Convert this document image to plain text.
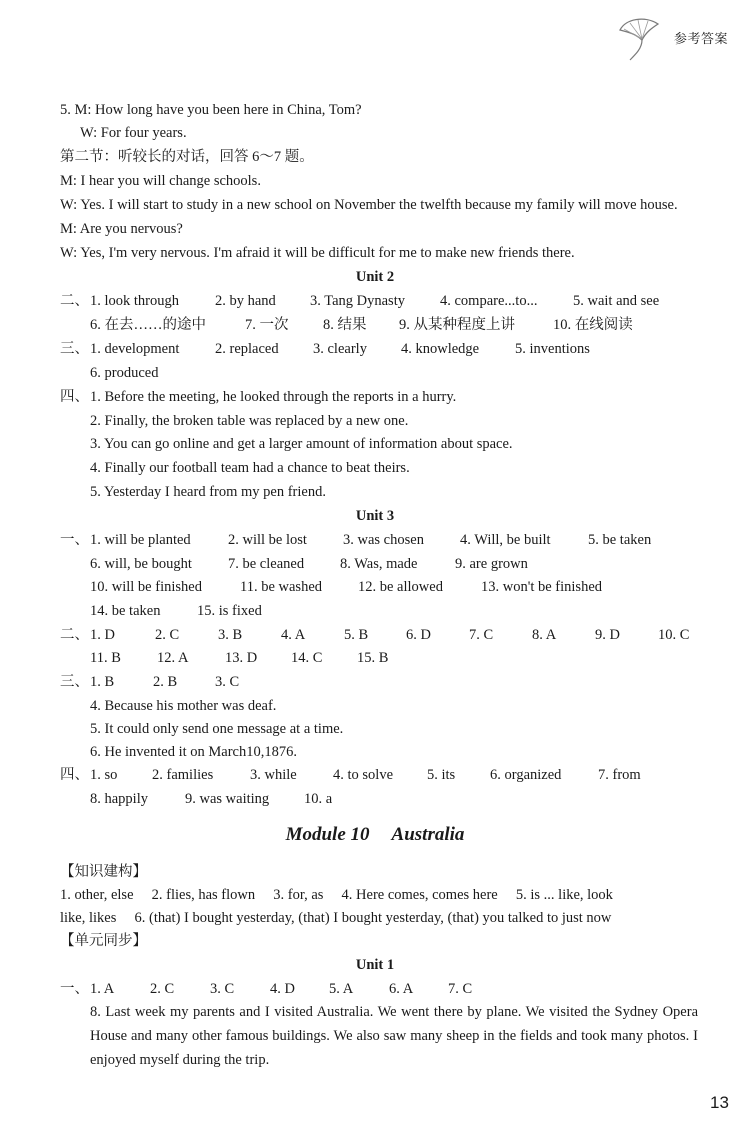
参考答案
5. M: How long have you been here in China, Tom?
W: For four years.
第二节：听较长的对话，回答 6～7 题。
M: I hear you will change schools.
W: Yes. I will start to study in a new school on November the twelfth because my family will move house.
M: Are you nervous?
W: Yes, I'm very nervous. I'm afraid it will be difficult for me to make new friends there.
Unit 2
二、 1. look through 2. by hand 3. Tang Dynasty 4. compare...to... 5. wait and see
6. 在去……的途中	7. 一次 8. 结果 9. 从某种程度上讲	10. 在线阅读
三、 1. development 2. replaced 3. clearly 4. knowledge 5. inventions
6. produced
四、 1. Before the meeting, he looked through the reports in a hurry.
2. Finally, the broken table was replaced by a new one.
3. You can go online and get a larger amount of information about space.
4. Finally our football team had a chance to beat theirs.
5. Yesterday I heard from my pen friend.
Unit 3
一、 1. will be planted	2. will be lost 3. was chosen 4. Will, be built	5. be taken
6. will, be bought 7. be cleaned 8. Was, made	9. are grown
10. will be finished	11. be washed 12. be allowed	13. won't be finished
14. be taken	15. is fixed
二、 1. D	2. C	3. B	4. A	5. B	6. D	7. C	8. A	9. D	10. C
11. B 12. A	13. D 14. C 15. B
三、 1. B	2. B	3. C
4. Because his mother was deaf.
5. It could only send one message at a time.
6. He invented it on March10,1876.
四、 1. so 2. families	3. while	4. to solve 5. its 6. organized	7. from
8. happily	9. was waiting 10. a
Module 10 Australia
【知识建构】
1. other, else     2. flies, has flown     3. for, as     4. Here comes, comes here     5. is ... like, look
like, likes     6. (that) I bought yesterday, (that) I bought yesterday, (that) you talked to just now
【单元同步】
Unit 1
一、 1. A 2. C 3. C 4. D 5. A 6. A 7. C
8. Last week my parents and I visited Australia. We went there by plane. We visited the Sydney Opera House and many other famous buildings. We also saw many sheep in the fields and took many photos. I enjoyed myself during the trip.
13
